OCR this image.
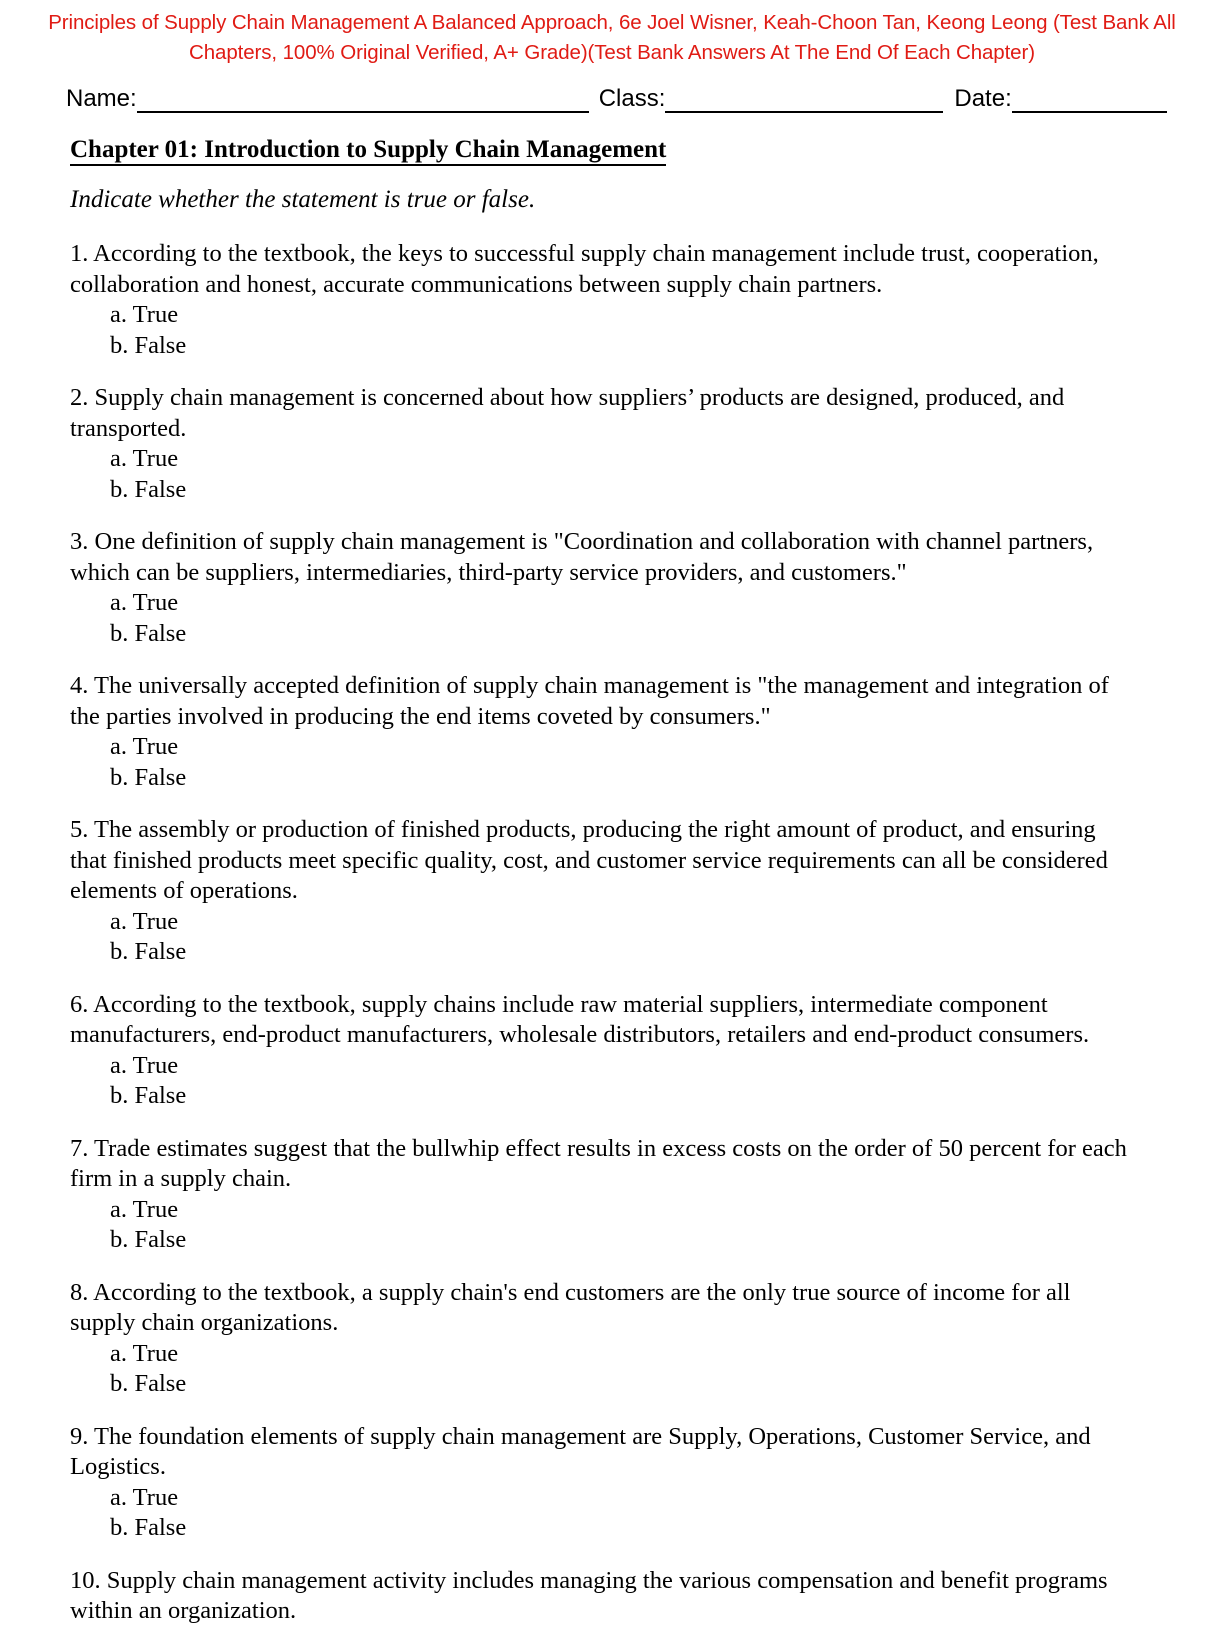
Principles of Supply Chain Management A Balanced Approach, 6e Joel Wisner, Keah-Choon Tan, Keong Leong (Test Bank All
Chapters, 100% Original Verified, A+ Grade)(Test Bank Answers At The End Of Each Chapter)
Name:	Class:	Date:
Chapter 01: Introduction to Supply Chain Management
Indicate whether the statement is true or false.

1. According to the textbook, the keys to successful supply chain management include trust, cooperation, collaboration and honest, accurate communications between supply chain partners.

a. True
b. False

2. Supply chain management is concerned about how suppliers’ products are designed, produced, and transported.

a. True
b. False

3. One definition of supply chain management is "Coordination and collaboration with channel partners, which can be suppliers, intermediaries, third-party service providers, and customers."

a. True
b. False

4. The universally accepted definition of supply chain management is "the management and integration of the parties involved in producing the end items coveted by consumers."

a. True
b. False

5. The assembly or production of finished products, producing the right amount of product, and ensuring that finished products meet specific quality, cost, and customer service requirements can all be considered elements of operations.

a. True
b. False

6. According to the textbook, supply chains include raw material suppliers, intermediate component manufacturers, end-product manufacturers, wholesale distributors, retailers and end-product consumers.

a. True
b. False

7. Trade estimates suggest that the bullwhip effect results in excess costs on the order of 50 percent for each firm in a supply chain.

a. True
b. False

8. According to the textbook, a supply chain's end customers are the only true source of income for all supply chain organizations.

a. True
b. False

9. The foundation elements of supply chain management are Supply, Operations, Customer Service, and Logistics.

a. True
b. False

10. Supply chain management activity includes managing the various compensation and benefit programs within an organization.
